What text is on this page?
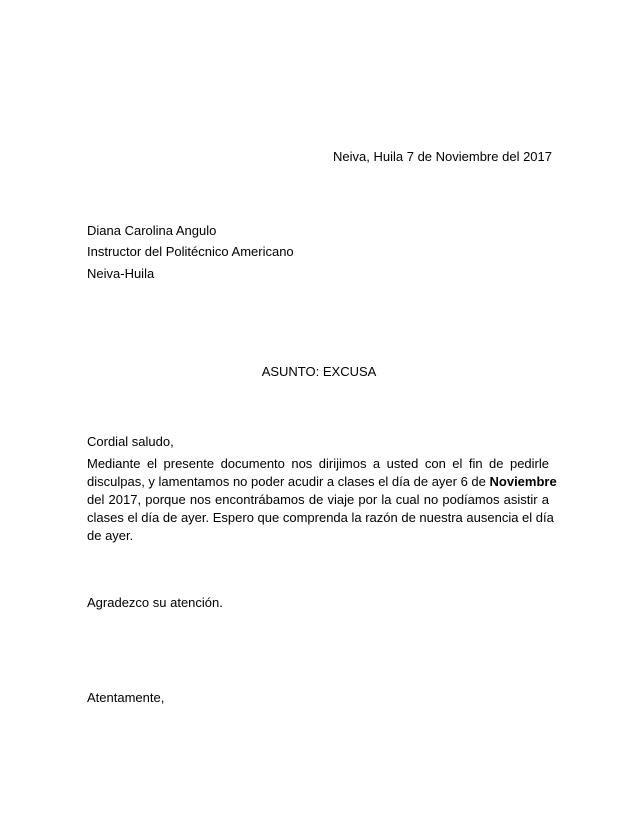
Neiva, Huila 7 de Noviembre del 2017
Diana Carolina Angulo
Instructor del Politécnico Americano
Neiva-Huila
ASUNTO: EXCUSA
Cordial saludo,
Mediante el presente documento nos dirijimos a usted con el fin de pedirle
disculpas, y lamentamos no poder acudir a clases el día de ayer 6 de Noviembre
del 2017, porque nos encontrábamos de viaje por la cual no podíamos asistir a
clases el día de ayer. Espero que comprenda la razón de nuestra ausencia el día
de ayer.
Agradezco su atención.
Atentamente,
